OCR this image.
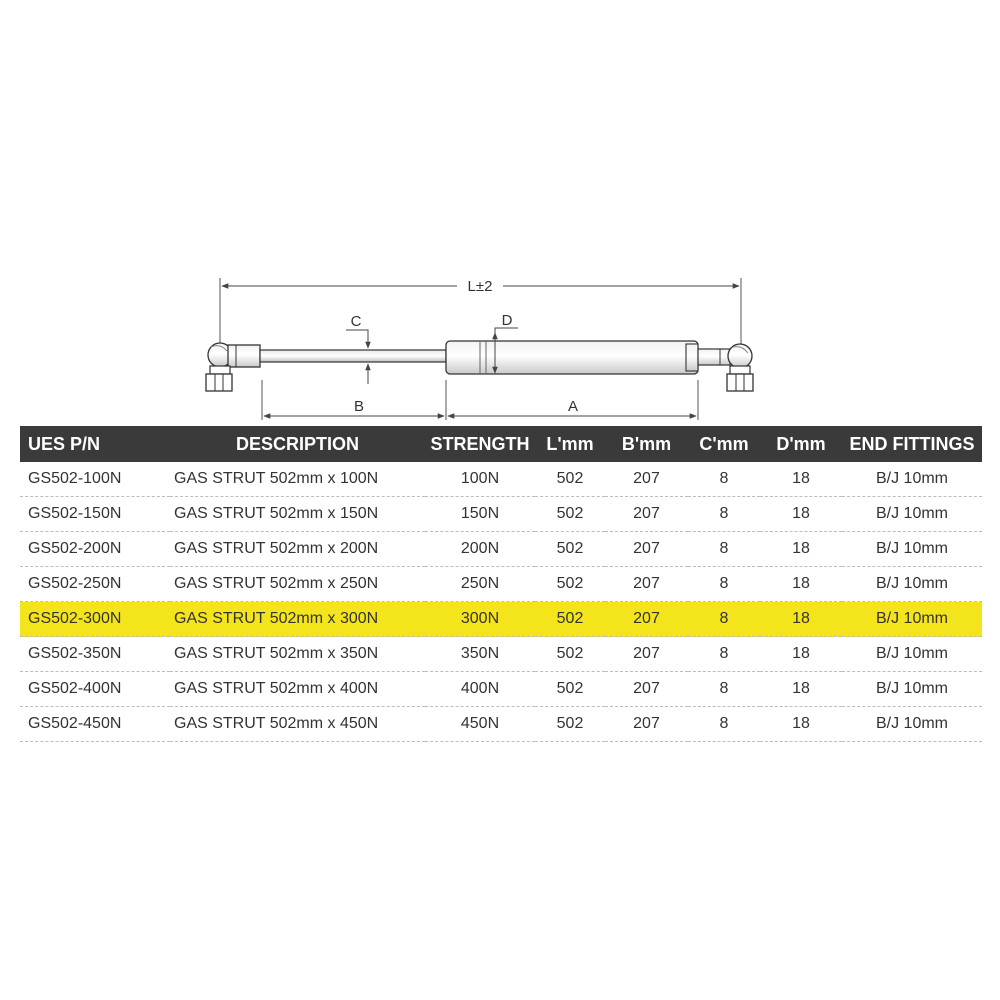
L±2
C	D
B	A
UES P/N	DESCRIPTION	STRENGTH	L'mm	B'mm	C'mm	D'mm	END FITTINGS
GS502-100N	GAS STRUT 502mm x 100N	100N	502	207	8	18	B/J 10mm
GS502-150N	GAS STRUT 502mm x 150N	150N	502	207	8	18	B/J 10mm
GS502-200N	GAS STRUT 502mm x 200N	200N	502	207	8	18	B/J 10mm
GS502-250N	GAS STRUT 502mm x 250N	250N	502	207	8	18	B/J 10mm
GS502-300N	GAS STRUT 502mm x 300N	300N	502	207	8	18	B/J 10mm
GS502-350N	GAS STRUT 502mm x 350N	350N	502	207	8	18	B/J 10mm
GS502-400N	GAS STRUT 502mm x 400N	400N	502	207	8	18	B/J 10mm
GS502-450N	GAS STRUT 502mm x 450N	450N	502	207	8	18	B/J 10mm
